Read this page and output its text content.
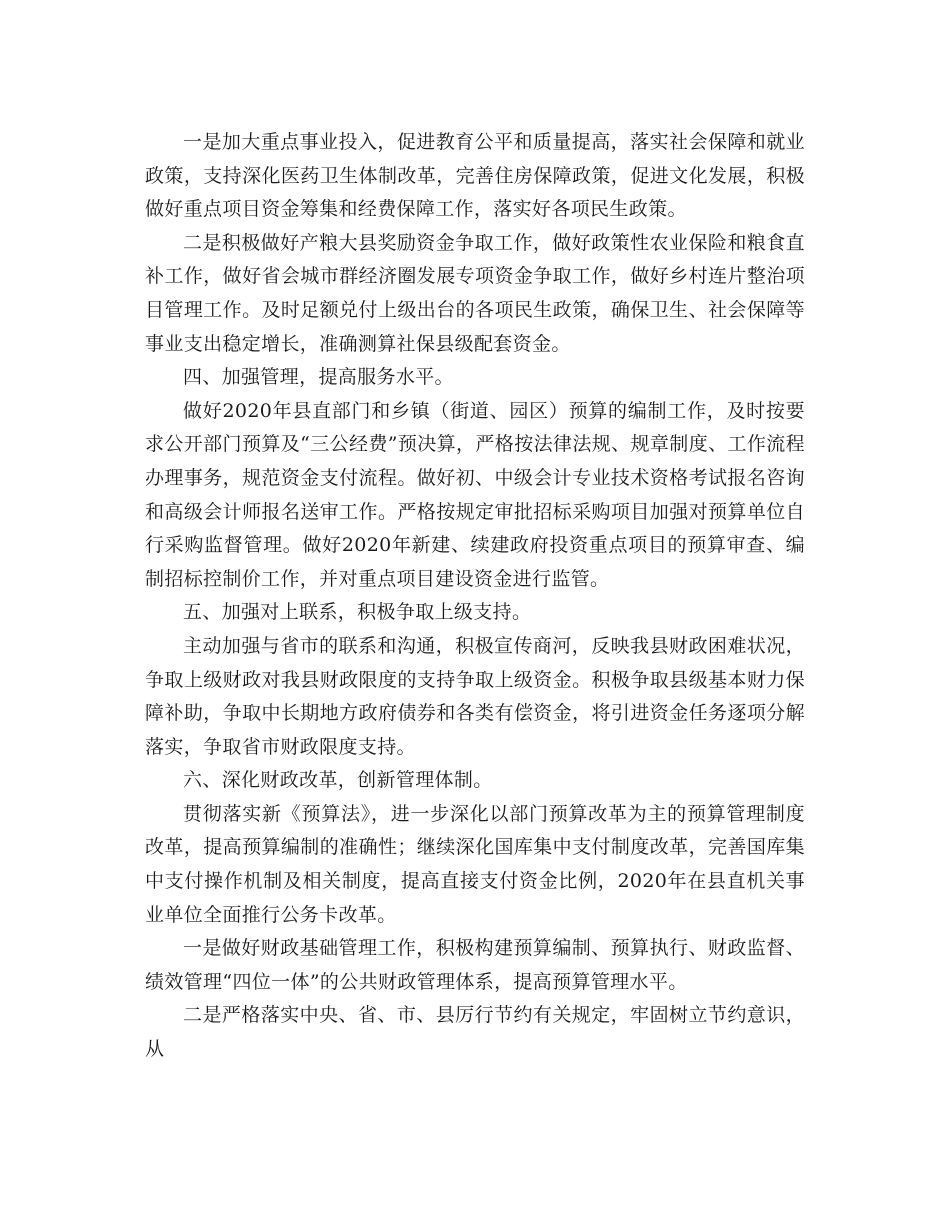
一是加大重点事业投入，促进教育公平和质量提高，落实社会保障和就业政策，支持深化医药卫生体制改革，完善住房保障政策，促进文化发展，积极做好重点项目资金筹集和经费保障工作，落实好各项民生政策。

二是积极做好产粮大县奖励资金争取工作，做好政策性农业保险和粮食直补工作，做好省会城市群经济圈发展专项资金争取工作，做好乡村连片整治项目管理工作。及时足额兑付上级出台的各项民生政策，确保卫生、社会保障等事业支出稳定增长，准确测算社保县级配套资金。

四、加强管理，提高服务水平。

做好2020年县直部门和乡镇（街道、园区）预算的编制工作，及时按要求公开部门预算及“三公经费”预决算，严格按法律法规、规章制度、工作流程办理事务，规范资金支付流程。做好初、中级会计专业技术资格考试报名咨询和高级会计师报名送审工作。严格按规定审批招标采购项目加强对预算单位自行采购监督管理。做好2020年新建、续建政府投资重点项目的预算审查、编制招标控制价工作，并对重点项目建设资金进行监管。

五、加强对上联系，积极争取上级支持。

主动加强与省市的联系和沟通，积极宣传商河，反映我县财政困难状况，争取上级财政对我县财政限度的支持争取上级资金。积极争取县级基本财力保障补助，争取中长期地方政府债券和各类有偿资金，将引进资金任务逐项分解落实，争取省市财政限度支持。

六、深化财政改革，创新管理体制。

贯彻落实新《预算法》，进一步深化以部门预算改革为主的预算管理制度改革，提高预算编制的准确性；继续深化国库集中支付制度改革，完善国库集中支付操作机制及相关制度，提高直接支付资金比例，2020年在县直机关事业单位全面推行公务卡改革。

一是做好财政基础管理工作，积极构建预算编制、预算执行、财政监督、绩效管理“四位一体”的公共财政管理体系，提高预算管理水平。

二是严格落实中央、省、市、县厉行节约有关规定，牢固树立节约意识，从
